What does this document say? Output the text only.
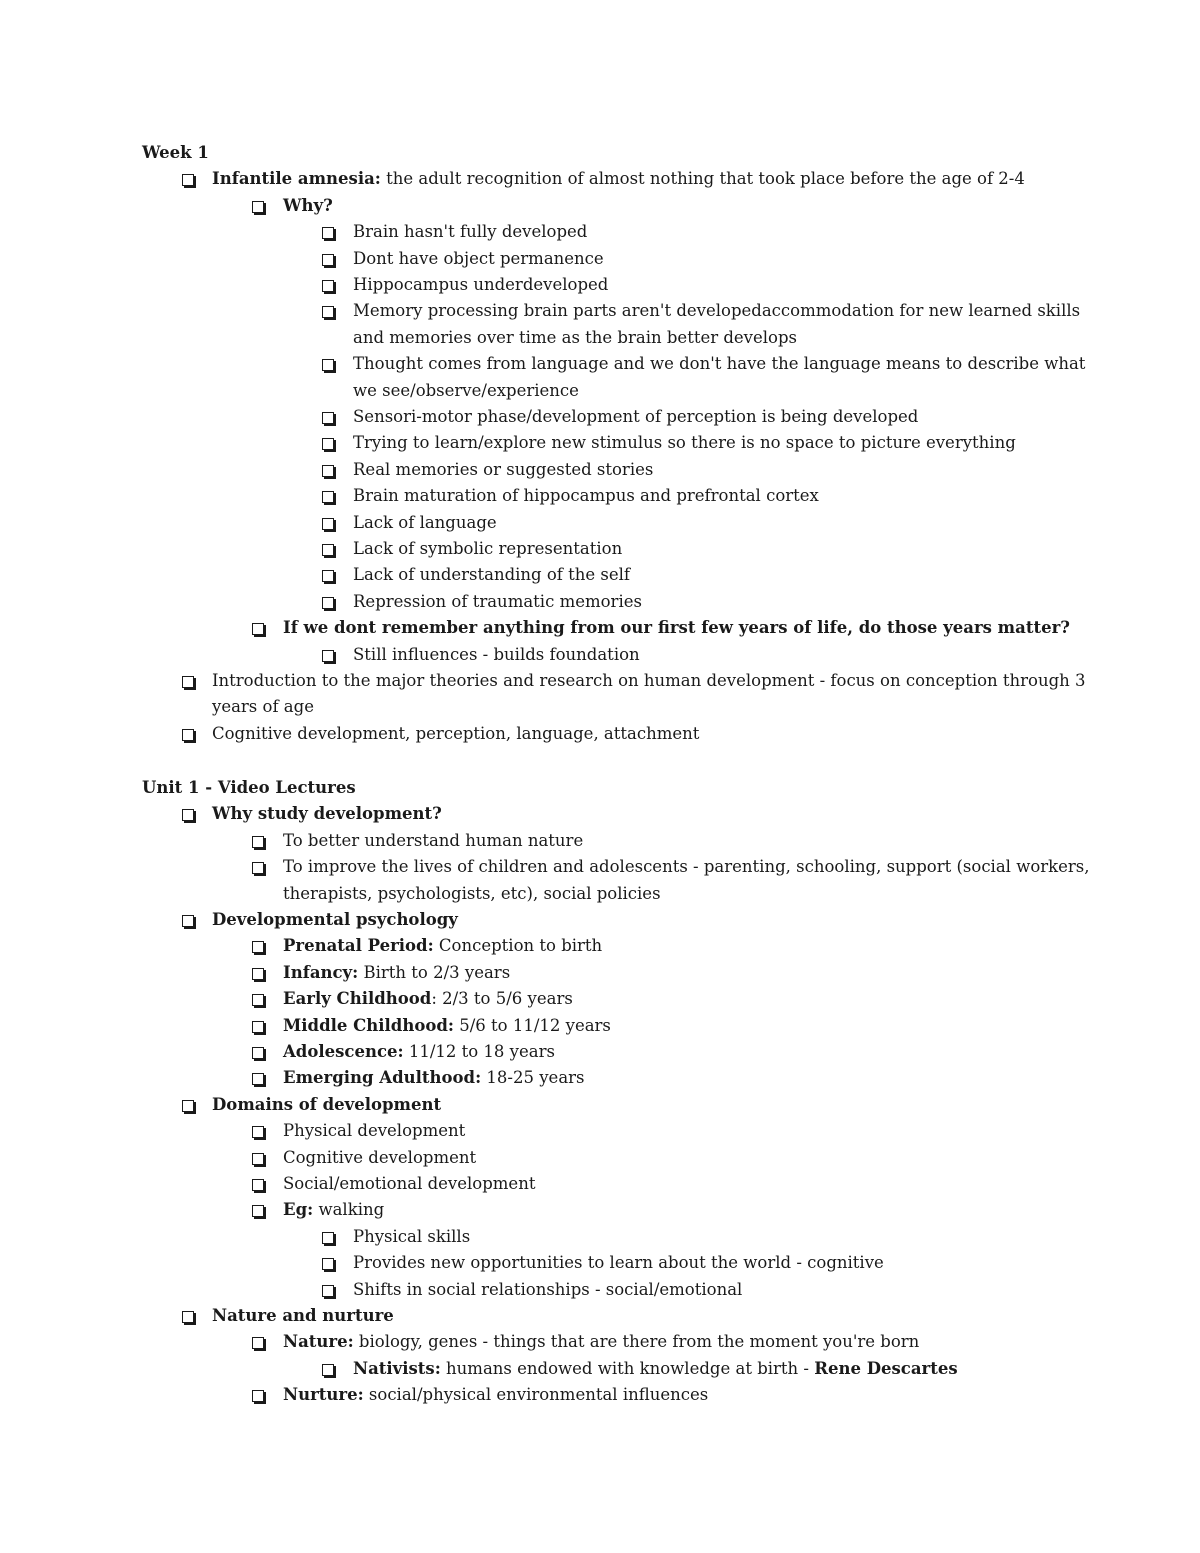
Week 1
Infantile amnesia: the adult recognition of almost nothing that took place before the age of 2-4
Why?
Brain hasn't fully developed
Dont have object permanence
Hippocampus underdeveloped
Memory processing brain parts aren't developedaccommodation for new learned skills
and memories over time as the brain better develops
Thought comes from language and we don't have the language means to describe what
we see/observe/experience
Sensori-motor phase/development of perception is being developed
Trying to learn/explore new stimulus so there is no space to picture everything
Real memories or suggested stories
Brain maturation of hippocampus and prefrontal cortex
Lack of language
Lack of symbolic representation
Lack of understanding of the self
Repression of traumatic memories
If we dont remember anything from our first few years of life, do those years matter?
Still influences - builds foundation
Introduction to the major theories and research on human development - focus on conception through 3
years of age
Cognitive development, perception, language, attachment
Unit 1 - Video Lectures
Why study development?
To better understand human nature
To improve the lives of children and adolescents - parenting, schooling, support (social workers,
therapists, psychologists, etc), social policies
Developmental psychology
Prenatal Period: Conception to birth
Infancy: Birth to 2/3 years
Early Childhood: 2/3 to 5/6 years
Middle Childhood: 5/6 to 11/12 years
Adolescence: 11/12 to 18 years
Emerging Adulthood: 18-25 years
Domains of development
Physical development
Cognitive development
Social/emotional development
Eg: walking
Physical skills
Provides new opportunities to learn about the world - cognitive
Shifts in social relationships - social/emotional
Nature and nurture
Nature: biology, genes - things that are there from the moment you're born
Nativists: humans endowed with knowledge at birth - Rene Descartes
Nurture: social/physical environmental influences
